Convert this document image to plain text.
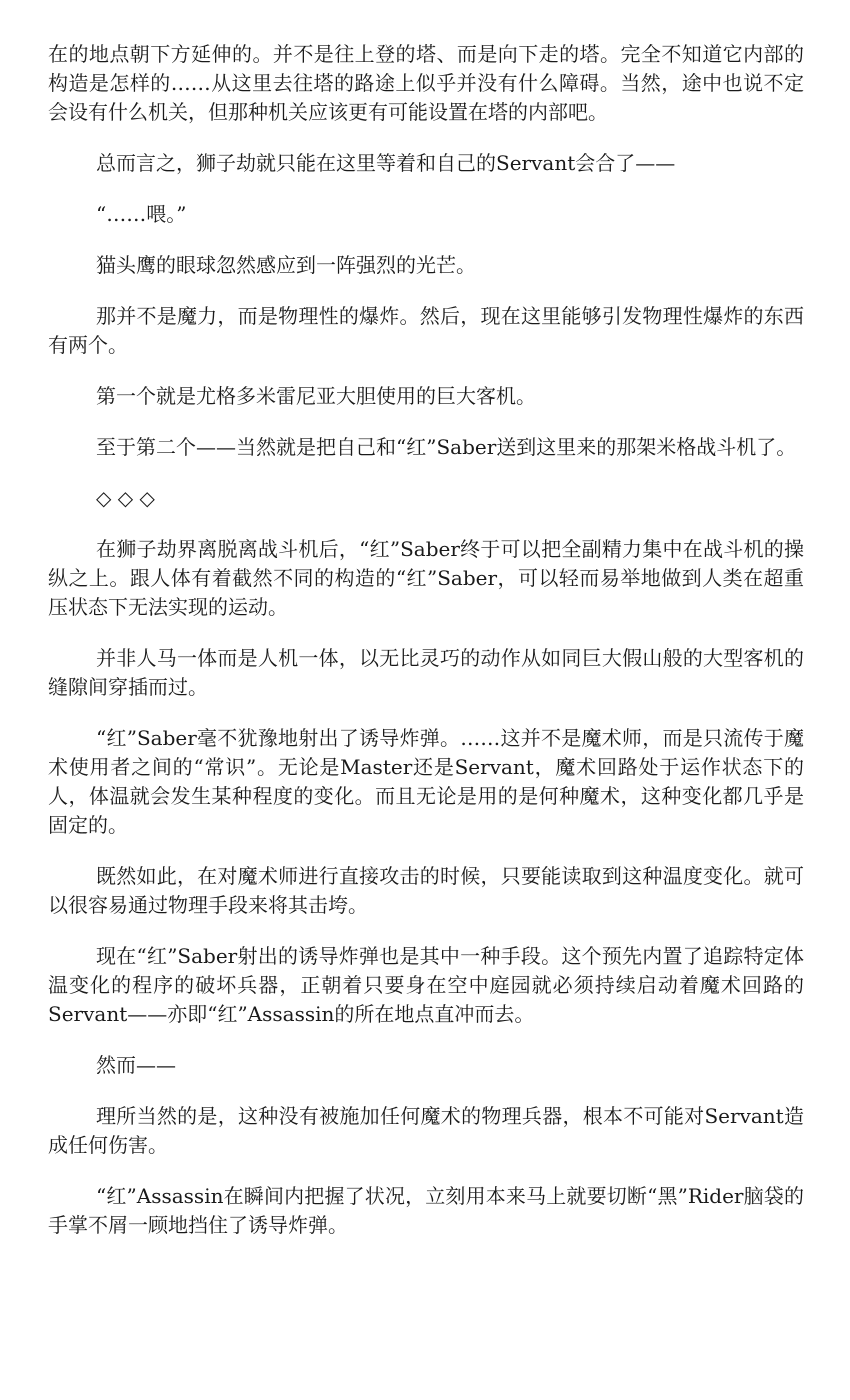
在的地点朝下方延伸的。并不是往上登的塔、而是向下走的塔。完全不知道它内部的构造是怎样的……从这里去往塔的路途上似乎并没有什么障碍。当然，途中也说不定会设有什么机关，但那种机关应该更有可能设置在塔的内部吧。

总而言之，狮子劫就只能在这里等着和自己的Servant会合了——

“……喂。”

猫头鹰的眼球忽然感应到一阵强烈的光芒。

那并不是魔力，而是物理性的爆炸。然后，现在这里能够引发物理性爆炸的东西有两个。

第一个就是尤格多米雷尼亚大胆使用的巨大客机。

至于第二个——当然就是把自己和“红”Saber送到这里来的那架米格战斗机了。

◇ ◇ ◇

在狮子劫界离脱离战斗机后，“红”Saber终于可以把全副精力集中在战斗机的操纵之上。跟人体有着截然不同的构造的“红”Saber，可以轻而易举地做到人类在超重压状态下无法实现的运动。

并非人马一体而是人机一体，以无比灵巧的动作从如同巨大假山般的大型客机的缝隙间穿插而过。

“红”Saber毫不犹豫地射出了诱导炸弹。……这并不是魔术师，而是只流传于魔术使用者之间的“常识”。无论是Master还是Servant，魔术回路处于运作状态下的人，体温就会发生某种程度的变化。而且无论是用的是何种魔术，这种变化都几乎是固定的。

既然如此，在对魔术师进行直接攻击的时候，只要能读取到这种温度变化。就可以很容易通过物理手段来将其击垮。

现在“红”Saber射出的诱导炸弹也是其中一种手段。这个预先内置了追踪特定体温变化的程序的破坏兵器，正朝着只要身在空中庭园就必须持续启动着魔术回路的Servant——亦即“红”Assassin的所在地点直冲而去。

然而——

理所当然的是，这种没有被施加任何魔术的物理兵器，根本不可能对Servant造成任何伤害。

“红”Assassin在瞬间内把握了状况，立刻用本来马上就要切断“黑”Rider脑袋的手掌不屑一顾地挡住了诱导炸弹。
